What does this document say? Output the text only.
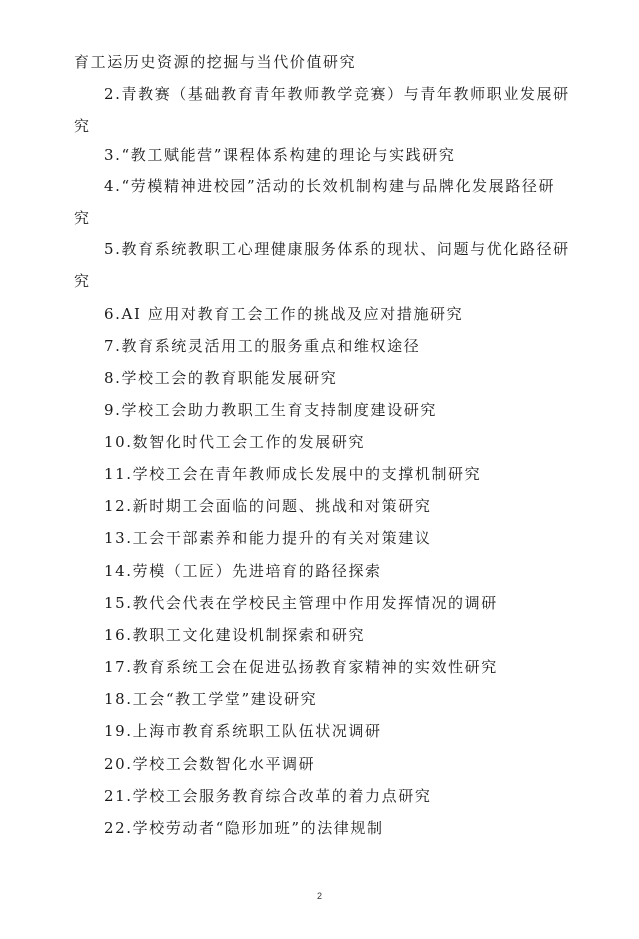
育工运历史资源的挖掘与当代价值研究
2.青教赛（基础教育青年教师教学竞赛）与青年教师职业发展研
究
3.“教工赋能营”课程体系构建的理论与实践研究
4.“劳模精神进校园”活动的长效机制构建与品牌化发展路径研
究
5.教育系统教职工心理健康服务体系的现状、问题与优化路径研
究
6.AI 应用对教育工会工作的挑战及应对措施研究
7.教育系统灵活用工的服务重点和维权途径
8.学校工会的教育职能发展研究
9.学校工会助力教职工生育支持制度建设研究
10.数智化时代工会工作的发展研究
11.学校工会在青年教师成长发展中的支撑机制研究
12.新时期工会面临的问题、挑战和对策研究
13.工会干部素养和能力提升的有关对策建议
14.劳模（工匠）先进培育的路径探索
15.教代会代表在学校民主管理中作用发挥情况的调研
16.教职工文化建设机制探索和研究
17.教育系统工会在促进弘扬教育家精神的实效性研究
18.工会“教工学堂”建设研究
19.上海市教育系统职工队伍状况调研
20.学校工会数智化水平调研
21.学校工会服务教育综合改革的着力点研究
22.学校劳动者“隐形加班”的法律规制
2
